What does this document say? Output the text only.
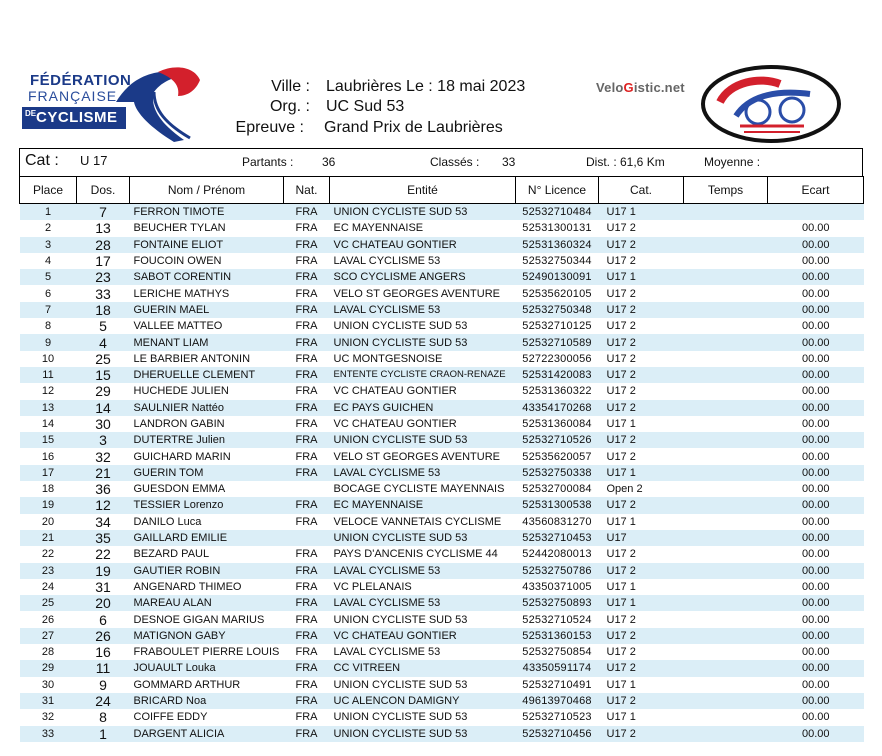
FÉDÉRATION
FRANÇAISE
DE CYCLISME
Ville : Laubrières Le : 18 mai 2023
Org. : UC Sud 53
Epreuve : Grand Prix de Laubrières
VeloGistic.net
Cat : U 17	Partants : 36	Classés : 33	Dist. : 61,6 Km	Moyenne :
Place	Dos.	Nom / Prénom	Nat.	Entité	N° Licence	Cat.	Temps	Ecart
1	7	FERRON TIMOTE	FRA	UNION CYCLISTE SUD 53	52532710484	U17 1		
2	13	BEUCHER TYLAN	FRA	EC MAYENNAISE	52531300131	U17 2		00.00
3	28	FONTAINE ELIOT	FRA	VC CHATEAU GONTIER	52531360324	U17 2		00.00
4	17	FOUCOIN OWEN	FRA	LAVAL CYCLISME 53	52532750344	U17 2		00.00
5	23	SABOT CORENTIN	FRA	SCO CYCLISME ANGERS	52490130091	U17 1		00.00
6	33	LERICHE MATHYS	FRA	VELO ST GEORGES AVENTURE	52535620105	U17 2		00.00
7	18	GUERIN MAEL	FRA	LAVAL CYCLISME 53	52532750348	U17 2		00.00
8	5	VALLEE MATTEO	FRA	UNION CYCLISTE SUD 53	52532710125	U17 2		00.00
9	4	MENANT LIAM	FRA	UNION CYCLISTE SUD 53	52532710589	U17 2		00.00
10	25	LE BARBIER ANTONIN	FRA	UC MONTGESNOISE	52722300056	U17 2		00.00
11	15	DHERUELLE CLEMENT	FRA	ENTENTE CYCLISTE CRAON-RENAZE	52531420083	U17 2		00.00
12	29	HUCHEDE JULIEN	FRA	VC CHATEAU GONTIER	52531360322	U17 2		00.00
13	14	SAULNIER Nattéo	FRA	EC PAYS GUICHEN	43354170268	U17 2		00.00
14	30	LANDRON GABIN	FRA	VC CHATEAU GONTIER	52531360084	U17 1		00.00
15	3	DUTERTRE Julien	FRA	UNION CYCLISTE SUD 53	52532710526	U17 2		00.00
16	32	GUICHARD MARIN	FRA	VELO ST GEORGES AVENTURE	52535620057	U17 2		00.00
17	21	GUERIN TOM	FRA	LAVAL CYCLISME 53	52532750338	U17 1		00.00
18	36	GUESDON EMMA		BOCAGE CYCLISTE MAYENNAIS	52532700084	Open 2		00.00
19	12	TESSIER Lorenzo	FRA	EC MAYENNAISE	52531300538	U17 2		00.00
20	34	DANILO Luca	FRA	VELOCE VANNETAIS CYCLISME	43560831270	U17 1		00.00
21	35	GAILLARD EMILIE		UNION CYCLISTE SUD 53	52532710453	U17		00.00
22	22	BEZARD PAUL	FRA	PAYS D'ANCENIS CYCLISME 44	52442080013	U17 2		00.00
23	19	GAUTIER ROBIN	FRA	LAVAL CYCLISME 53	52532750786	U17 2		00.00
24	31	ANGENARD THIMEO	FRA	VC PLELANAIS	43350371005	U17 1		00.00
25	20	MAREAU ALAN	FRA	LAVAL CYCLISME 53	52532750893	U17 1		00.00
26	6	DESNOE GIGAN MARIUS	FRA	UNION CYCLISTE SUD 53	52532710524	U17 2		00.00
27	26	MATIGNON GABY	FRA	VC CHATEAU GONTIER	52531360153	U17 2		00.00
28	16	FRABOULET PIERRE LOUIS	FRA	LAVAL CYCLISME 53	52532750854	U17 2		00.00
29	11	JOUAULT Louka	FRA	CC VITREEN	43350591174	U17 2		00.00
30	9	GOMMARD ARTHUR	FRA	UNION CYCLISTE SUD 53	52532710491	U17 1		00.00
31	24	BRICARD Noa	FRA	UC ALENCON DAMIGNY	49613970468	U17 2		00.00
32	8	COIFFE EDDY	FRA	UNION CYCLISTE SUD 53	52532710523	U17 1		00.00
33	1	DARGENT ALICIA	FRA	UNION CYCLISTE SUD 53	52532710456	U17 2		00.00
